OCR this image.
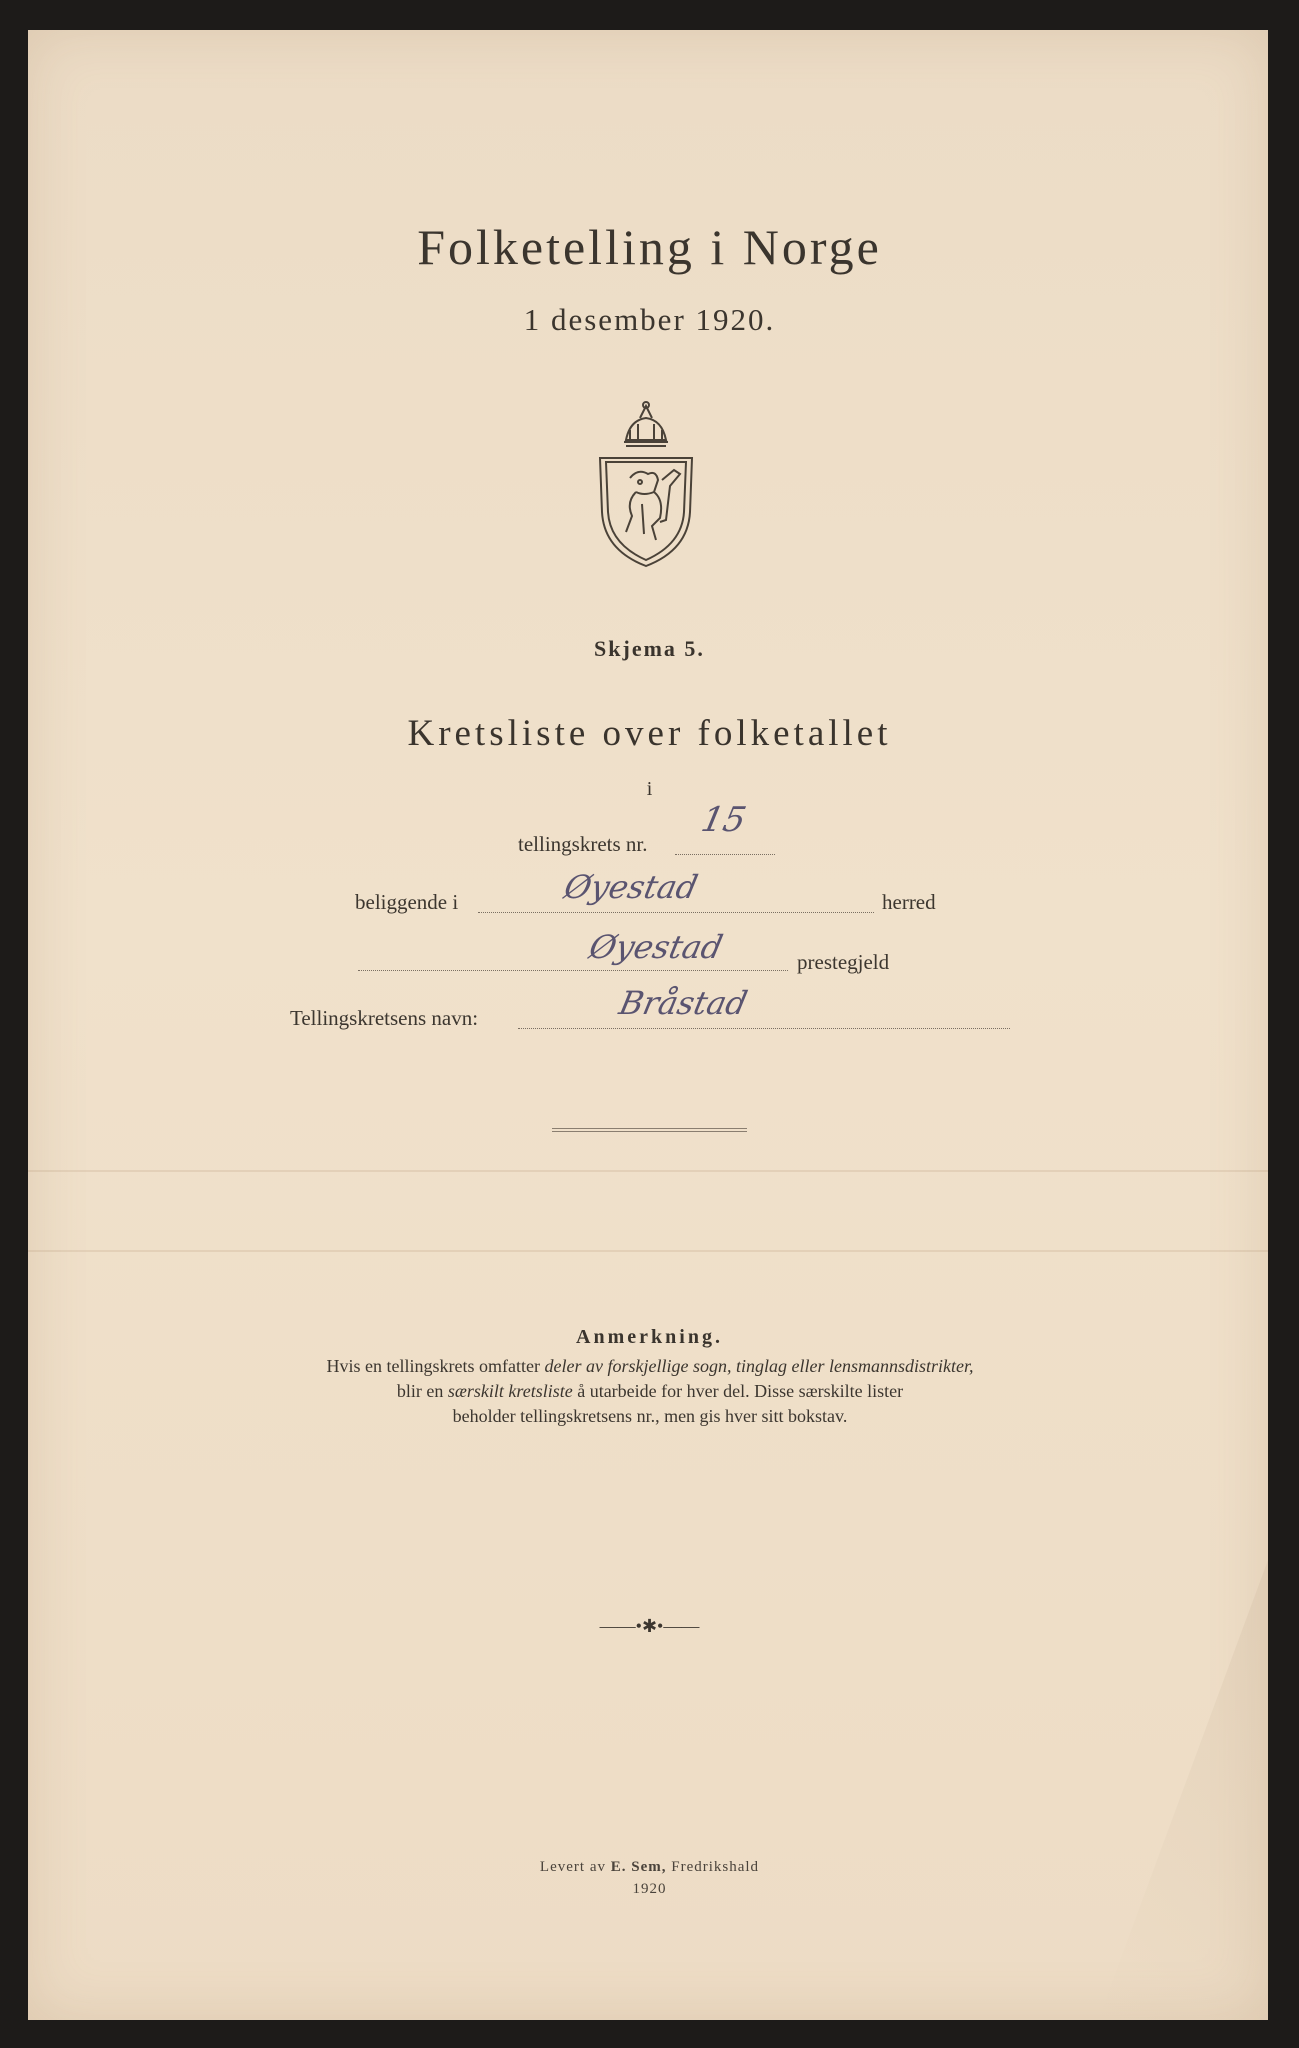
Folketelling i Norge
1 desember 1920.
Skjema 5.
Kretsliste over folketallet
i
tellingskrets nr.
15
beliggende i	Øyestad	herred
Øyestad	prestegjeld
Tellingskretsens navn:	Bråstad
Anmerkning.
Hvis en tellingskrets omfatter deler av forskjellige sogn, tinglag eller lensmannsdistrikter,
blir en særskilt kretsliste å utarbeide for hver del. Disse særskilte lister
beholder tellingskretsens nr., men gis hver sitt bokstav.
——•✱•——
Levert av E. Sem, Fredrikshald
1920
